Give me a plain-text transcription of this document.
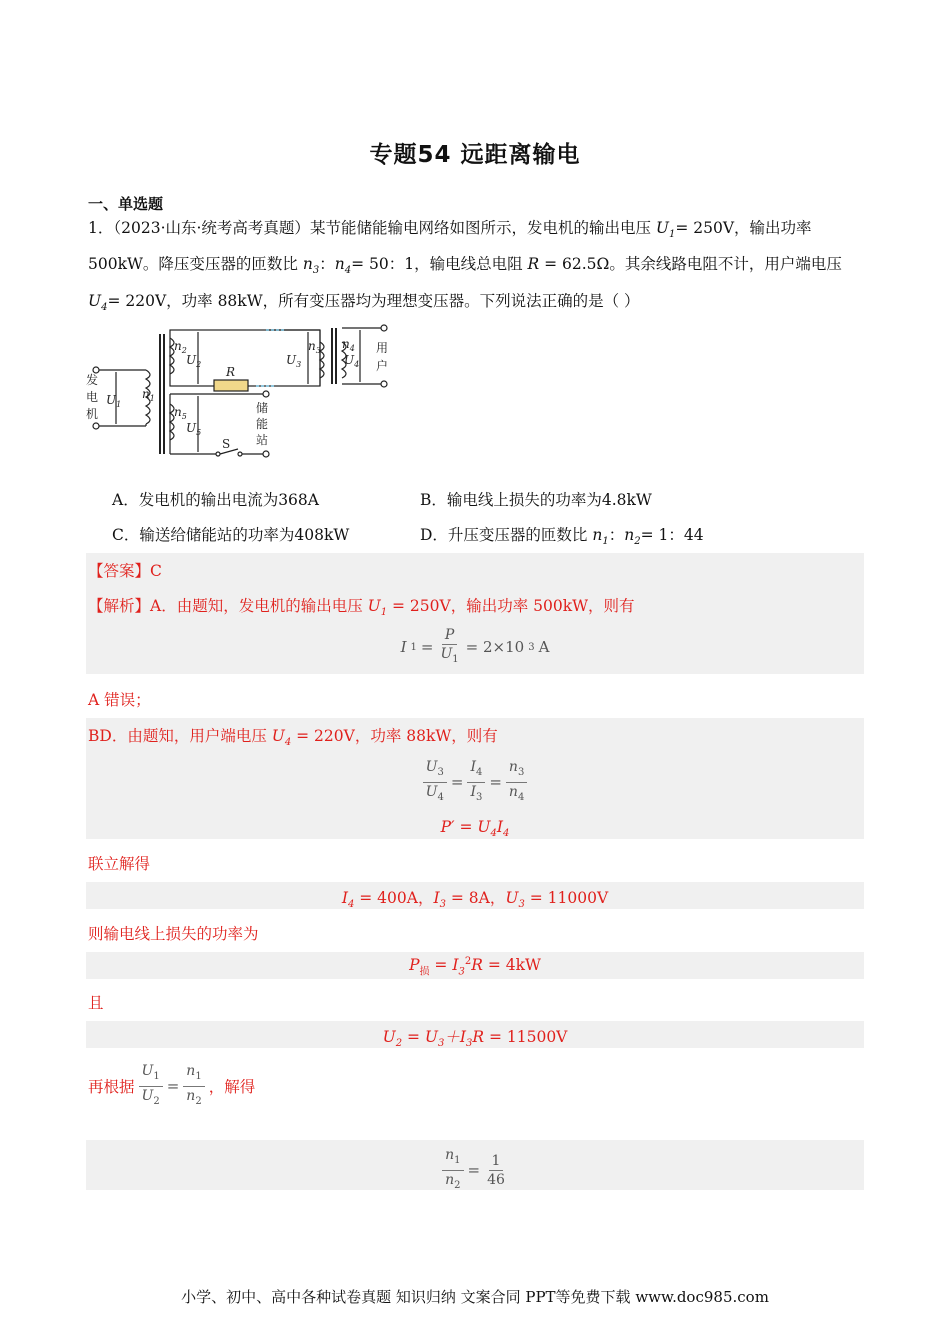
专题54 远距离输电
一、单选题
1．（2023·山东·统考高考真题）某节能储能输电网络如图所示，发电机的输出电压 $U_1= 250V$，输出功率
500kW。降压变压器的匝数比 $n_3$：$n_4= 50$：1，输电线总电阻 R = 62.5Ω。其余线路电阻不计，用户端电压
$U_4= 220V$，功率 88kW，所有变压器均为理想变压器。下列说法正确的是（ ）
发
电
机
用
户
储
能
站
R
S
$U_1$
$n_1$
$n_2$
$U_2$
$n_5$
$U_5$
$U_3$
$n_3$ $n_4$
$U_4$
A．发电机的输出电流为368A	B．输电线上损失的功率为4.8kW
C．输送给储能站的功率为408kW	D．升压变压器的匝数比 $n_1$：$n_2= 1$：44
【答案】C
【解析】A．由题知，发电机的输出电压 $U_1 = 250V$，输出功率 500kW，则有
I $1 = \frac{P}{U_1} = 2\times 10$ 3 A
A 错误；
BD．由题知，用户端电压 $U_4 = 220V$，功率 88kW，则有
$\frac{U_3}{U_4} = \frac{I_4}{I_3} = \frac{n_3}{n_4}$
$P' = U_4I_4$
联立解得
$I_4 = 400A$，$I_3 = 8A$，$U_3 = 11000V$
则输电线上损失的功率为
$P_损 = I_3^2R = 4kW$
且
$U_2 = U_3+I_3R = 11500V$
再根据 $\frac{U_1}{U_2} = \frac{n_1}{n_2}$ ，解得
$\frac{n_1}{n_2} = \frac{1}{46}$
小学、初中、高中各种试卷真题 知识归纳 文案合同 PPT等免费下载 www.doc985.com
